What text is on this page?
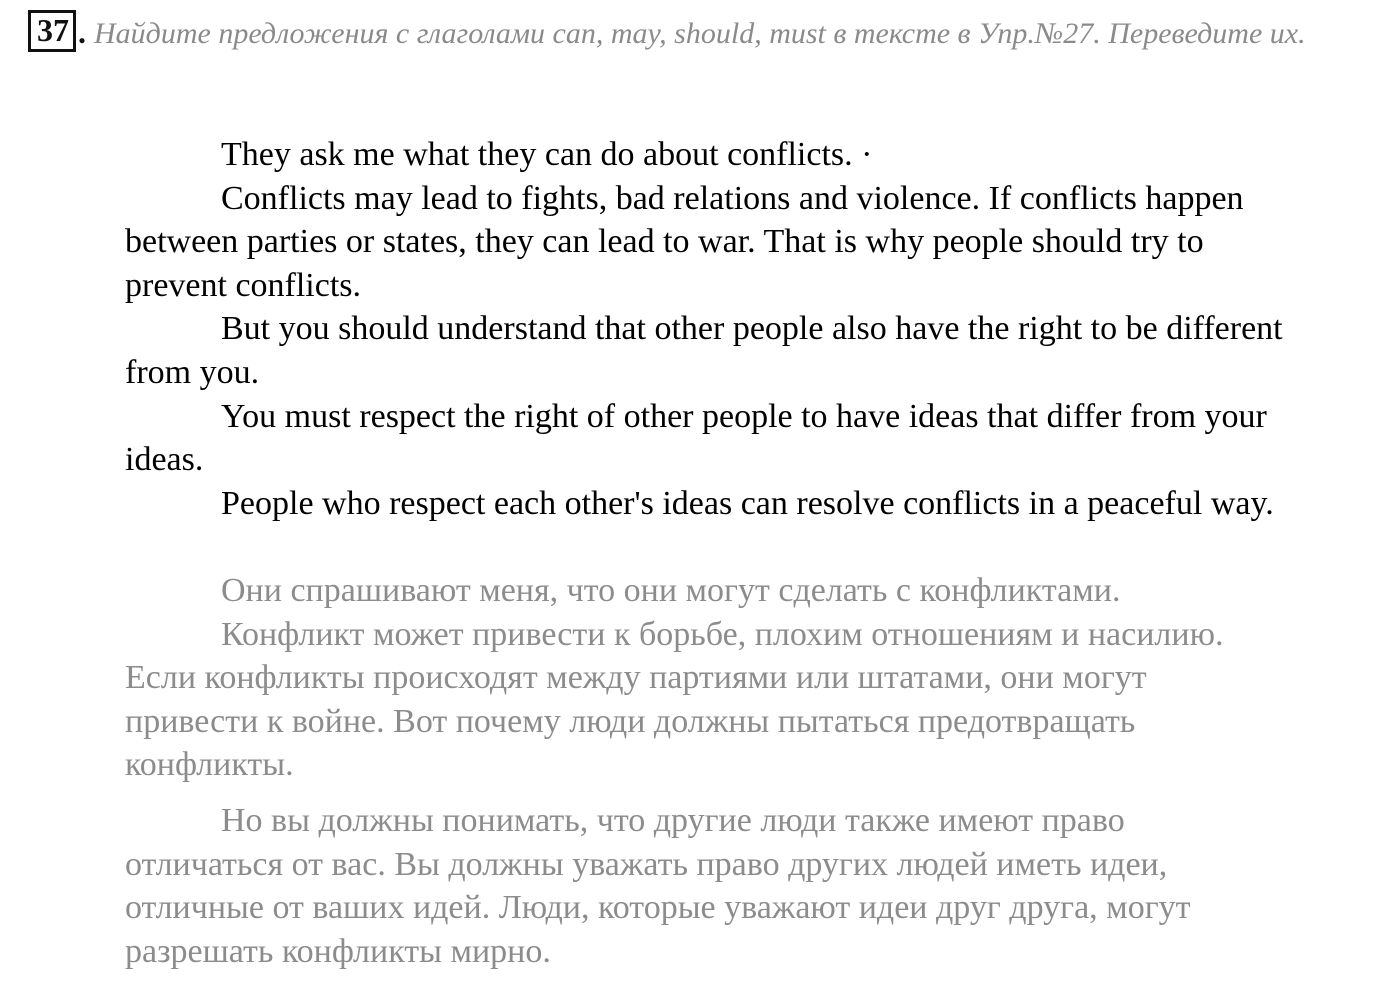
37 . Найдите предложения с глаголами can, may, should, must в тексте в Упр.№27. Переведите их.

They ask me what they can do about conflicts. ·

Conflicts may lead to fights, bad relations and violence. If conflicts happen between parties or states, they can lead to war. That is why people should try to prevent conflicts.

But you should understand that other people also have the right to be different from you.

You must respect the right of other people to have ideas that differ from your ideas.

People who respect each other's ideas can resolve conflicts in a peaceful way.

Они спрашивают меня, что они могут сделать с конфликтами.

Конфликт может привести к борьбе, плохим отношениям и насилию. Если конфликты происходят между партиями или штатами, они могут привести к войне. Вот почему люди должны пытаться предотвращать конфликты.

Но вы должны понимать, что другие люди также имеют право отличаться от вас. Вы должны уважать право других людей иметь идеи, отличные от ваших идей. Люди, которые уважают идеи друг друга, могут разрешать конфликты мирно.
